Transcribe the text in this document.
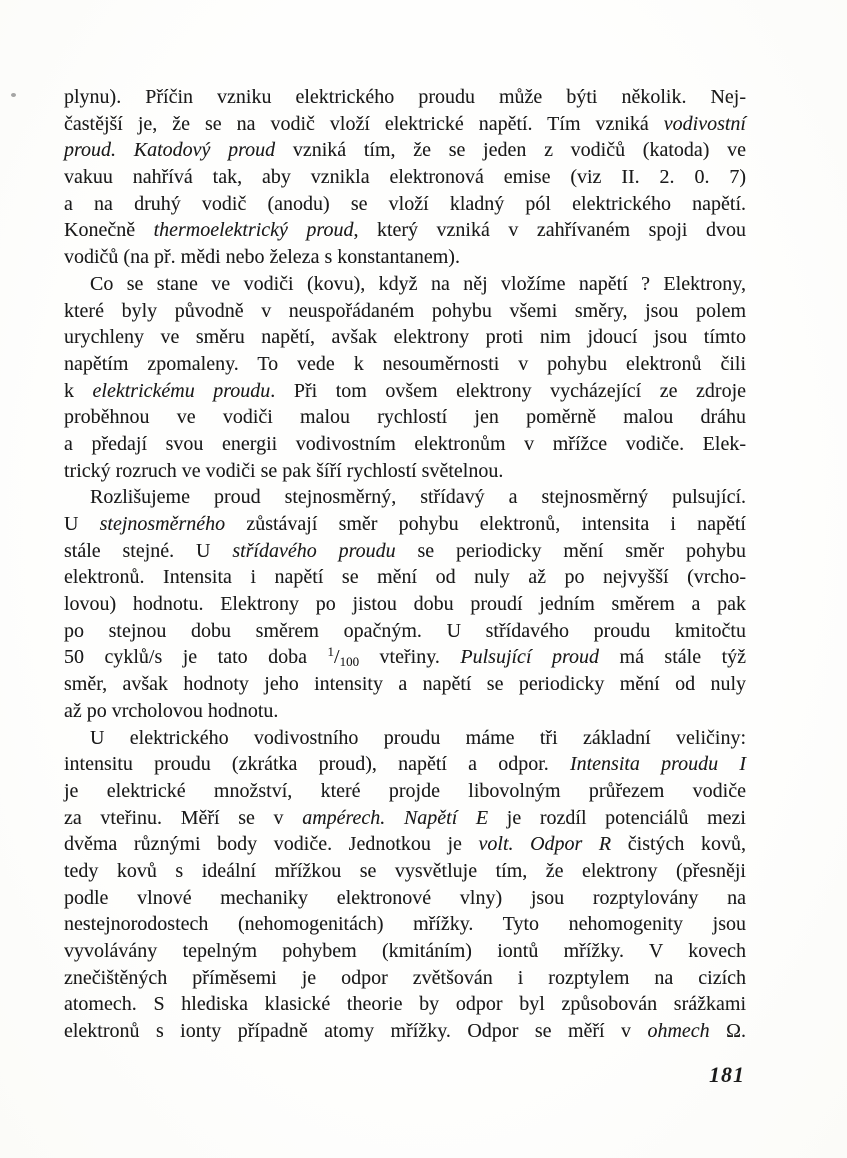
plynu). Příčin vzniku elektrického proudu může býti několik. Nej-
častější je, že se na vodič vloží elektrické napětí. Tím vzniká vodivostní
proud. Katodový proud vzniká tím, že se jeden z vodičů (katoda) ve
vakuu nahřívá tak, aby vznikla elektronová emise (viz II. 2. 0. 7)
a na druhý vodič (anodu) se vloží kladný pól elektrického napětí.
Konečně thermoelektrický proud, který vzniká v zahřívaném spoji dvou
vodičů (na př. mědi nebo železa s konstantanem).
Co se stane ve vodiči (kovu), když na něj vložíme napětí ? Elektrony,
které byly původně v neuspořádaném pohybu všemi směry, jsou polem
urychleny ve směru napětí, avšak elektrony proti nim jdoucí jsou tímto
napětím zpomaleny. To vede k nesouměrnosti v pohybu elektronů čili
k elektrickému proudu. Při tom ovšem elektrony vycházející ze zdroje
proběhnou ve vodiči malou rychlostí jen poměrně malou dráhu
a předají svou energii vodivostním elektronům v mřížce vodiče. Elek-
trický rozruch ve vodiči se pak šíří rychlostí světelnou.
Rozlišujeme proud stejnosměrný, střídavý a stejnosměrný pulsující.
U stejnosměrného zůstávají směr pohybu elektronů, intensita i napětí
stále stejné. U střídavého proudu se periodicky mění směr pohybu
elektronů. Intensita i napětí se mění od nuly až po nejvyšší (vrcho-
lovou) hodnotu. Elektrony po jistou dobu proudí jedním směrem a pak
po stejnou dobu směrem opačným. U střídavého proudu kmitočtu
50 cyklů/s je tato doba $^1/_{100}$ vteřiny. Pulsující proud má stále týž
směr, avšak hodnoty jeho intensity a napětí se periodicky mění od nuly
až po vrcholovou hodnotu.
U elektrického vodivostního proudu máme tři základní veličiny:
intensitu proudu (zkrátka proud), napětí a odpor. Intensita proudu I
je elektrické množství, které projde libovolným průřezem vodiče
za vteřinu. Měří se v ampérech. Napětí E je rozdíl potenciálů mezi
dvěma různými body vodiče. Jednotkou je volt. Odpor R čistých kovů,
tedy kovů s ideální mřížkou se vysvětluje tím, že elektrony (přesněji
podle vlnové mechaniky elektronové vlny) jsou rozptylovány na
nestejnorodostech (nehomogenitách) mřížky. Tyto nehomogenity jsou
vyvolávány tepelným pohybem (kmitáním) iontů mřížky. V kovech
znečištěných příměsemi je odpor zvětšován i rozptylem na cizích
atomech. S hlediska klasické theorie by odpor byl způsobován srážkami
elektronů s ionty případně atomy mřížky. Odpor se měří v ohmech Ω.
181
